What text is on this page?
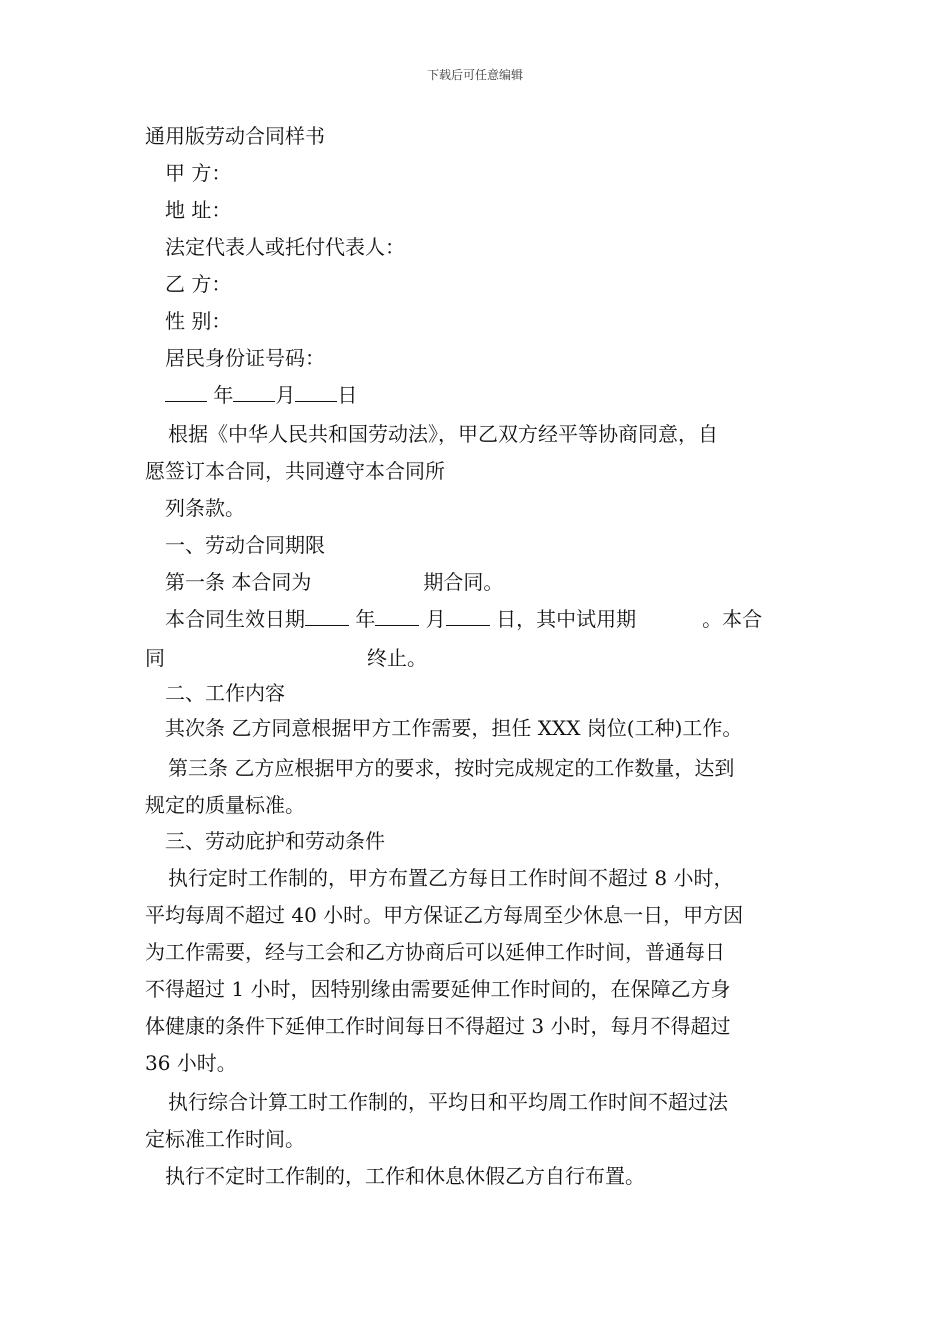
下载后可任意编辑
通用版劳动合同样书
甲 方：
地 址：
法定代表人或托付代表人：
乙 方：
性 别：
居民身份证号码：
年 月 日
根据《中华人民共和国劳动法》，甲乙双方经平等协商同意，自
愿签订本合同，共同遵守本合同所
列条款。
一、劳动合同期限
第一条 本合同为	期合同。
本合同生效日期	年	月	日，其中试用期	。本合
同	终止。
二、工作内容
其次条 乙方同意根据甲方工作需要，担任 XXX 岗位(工种)工作。
第三条 乙方应根据甲方的要求，按时完成规定的工作数量，达到
规定的质量标准。
三、劳动庇护和劳动条件
执行定时工作制的，甲方布置乙方每日工作时间不超过 8 小时，
平均每周不超过 40 小时。甲方保证乙方每周至少休息一日，甲方因
为工作需要，经与工会和乙方协商后可以延伸工作时间，普通每日
不得超过 1 小时，因特别缘由需要延伸工作时间的，在保障乙方身
体健康的条件下延伸工作时间每日不得超过 3 小时，每月不得超过
36 小时。
执行综合计算工时工作制的，平均日和平均周工作时间不超过法
定标准工作时间。
执行不定时工作制的，工作和休息休假乙方自行布置。
